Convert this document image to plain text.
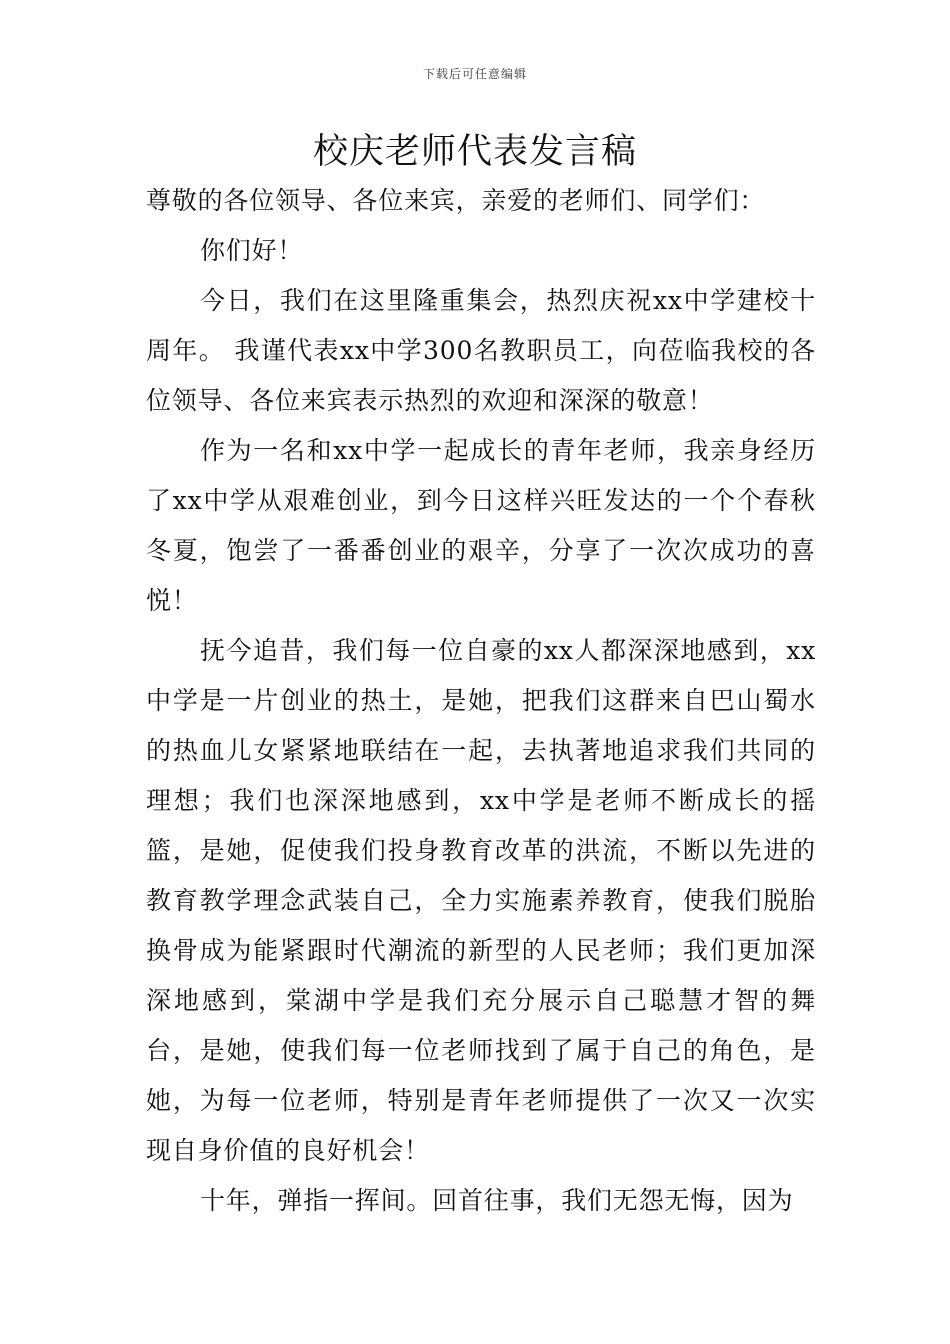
下载后可任意编辑
校庆老师代表发言稿

尊敬的各位领导、各位来宾，亲爱的老师们、同学们：

你们好！

今日，我们在这里隆重集会，热烈庆祝xx中学建校十周年。 我谨代表xx中学300名教职员工，向莅临我校的各位领导、各位来宾表示热烈的欢迎和深深的敬意！

作为一名和xx中学一起成长的青年老师，我亲身经历了xx中学从艰难创业，到今日这样兴旺发达的一个个春秋冬夏，饱尝了一番番创业的艰辛，分享了一次次成功的喜悦！

抚今追昔，我们每一位自豪的xx人都深深地感到，xx中学是一片创业的热土，是她，把我们这群来自巴山蜀水的热血儿女紧紧地联结在一起，去执著地追求我们共同的理想；我们也深深地感到，xx中学是老师不断成长的摇篮，是她，促使我们投身教育改革的洪流，不断以先进的教育教学理念武装自己，全力实施素养教育，使我们脱胎换骨成为能紧跟时代潮流的新型的人民老师；我们更加深深地感到，棠湖中学是我们充分展示自己聪慧才智的舞台，是她，使我们每一位老师找到了属于自己的角色，是她，为每一位老师，特别是青年老师提供了一次又一次实现自身价值的良好机会！

十年，弹指一挥间。回首往事，我们无怨无悔，因为
